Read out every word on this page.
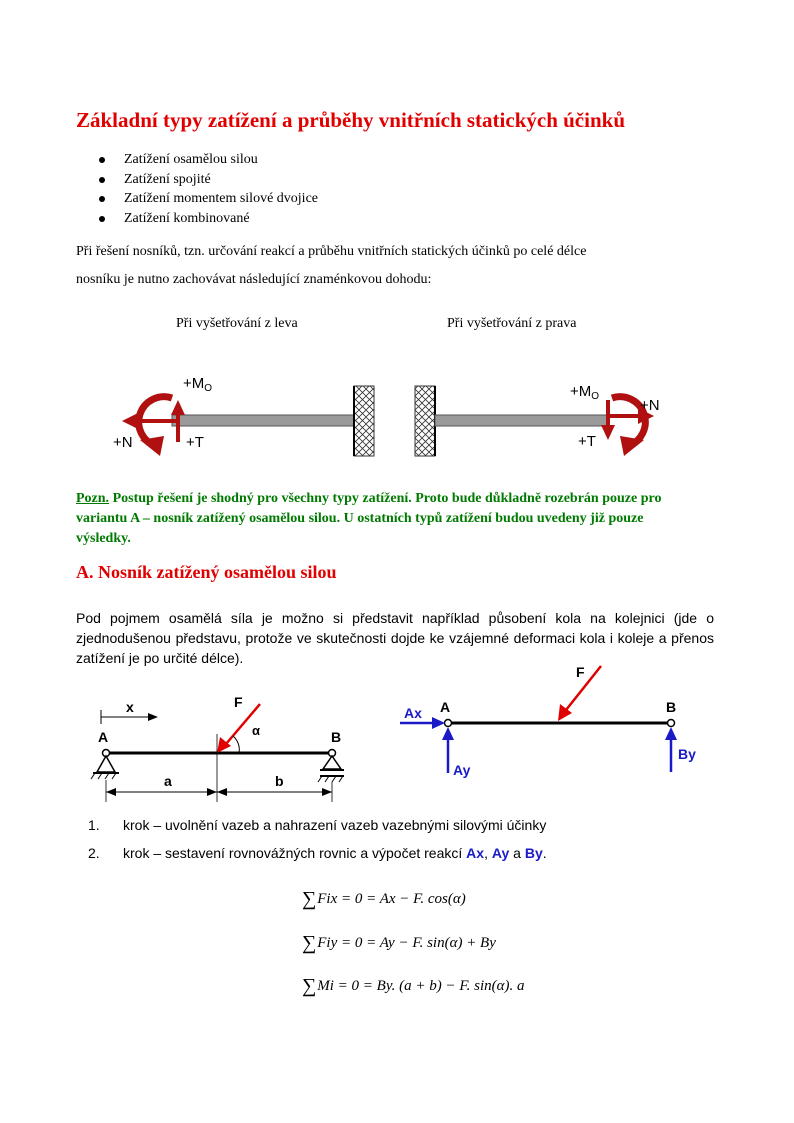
Základní typy zatížení a průběhy vnitřních statických účinků
Zatížení osamělou silou
Zatížení spojité
Zatížení momentem silové dvojice
Zatížení kombinované
Při řešení nosníků, tzn. určování reakcí a průběhu vnitřních statických účinků po celé délce
nosníku je nutno zachovávat následující znaménkovou dohodu:
Při vyšetřování z leva	Při vyšetřování z prava
$+M_O$
+N	+T
$+M_O$
+N
+T
Pozn. Postup řešení je shodný pro všechny typy zatížení. Proto bude důkladně rozebrán pouze pro variantu A – nosník zatížený osamělou silou. U ostatních typů zatížení budou uvedeny již pouze výsledky.
A. Nosník zatížený osamělou silou
Pod pojmem osamělá síla je možno si představit například působení kola na kolejnici (jde o zjednodušenou představu, protože ve skutečnosti dojde ke vzájemné deformaci kola i koleje a přenos zatížení je po určité délce).
x
A	B
F
α
a	b
A	B
F
Ax
Ay
By
1. krok – uvolnění vazeb a nahrazení vazeb vazebnými silovými účinky
2. krok – sestavení rovnovážných rovnic a výpočet reakcí Ax, Ay a By.
∑Fix = 0 = Ax − F. cos(α)
∑Fiy = 0 = Ay − F. sin(α) + By
∑Mi = 0 = By. (a + b) − F. sin(α). a
